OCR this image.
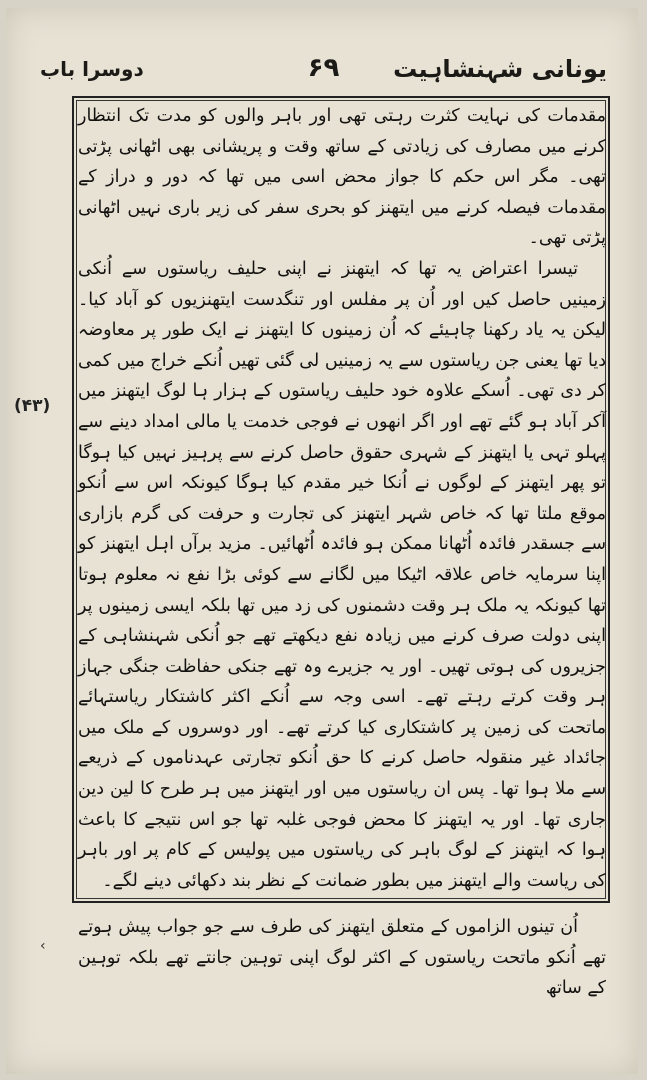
یونانی شہنشاہیت
۶۹
دوسرا باب

مقدمات کی نہایت کثرت رہتی تھی اور باہر والوں کو مدت تک انتظار کرنے میں مصارف کی زیادتی کے ساتھ وقت و پریشانی بھی اٹھانی پڑتی تھی۔ مگر اس حکم کا جواز محض اسی میں تھا کہ دور و دراز کے مقدمات فیصلہ کرنے میں ایتھنز کو بحری سفر کی زیر باری نہیں اٹھانی پڑتی تھی۔

تیسرا اعتراض یہ تھا کہ ایتھنز نے اپنی حلیف ریاستوں سے اُنکی زمینیں حاصل کیں اور اُن پر مفلس اور تنگدست ایتھنزیوں کو آباد کیا۔ لیکن یہ یاد رکھنا چاہیئے کہ اُن زمینوں کا ایتھنز نے ایک طور پر معاوضہ دیا تھا یعنی جن ریاستوں سے یہ زمینیں لی گئی تھیں اُنکے خراج میں کمی کر دی تھی۔ اُسکے علاوہ خود حلیف ریاستوں کے ہزار ہا لوگ ایتھنز میں آکر آباد ہو گئے تھے اور اگر انھوں نے فوجی خدمت یا مالی امداد دینے سے پہلو تہی یا ایتھنز کے شہری حقوق حاصل کرنے سے پرہیز نہیں کیا ہوگا تو پھر ایتھنز کے لوگوں نے اُنکا خیر مقدم کیا ہوگا کیونکہ اس سے اُنکو موقع ملتا تھا کہ خاص شہر ایتھنز کی تجارت و حرفت کی گرم بازاری سے جسقدر فائدہ اُٹھانا ممکن ہو فائدہ اُٹھائیں۔ مزید برآں اہل ایتھنز کو اپنا سرمایہ خاص علاقہ اٹیکا میں لگانے سے کوئی بڑا نفع نہ معلوم ہوتا تھا کیونکہ یہ ملک ہر وقت دشمنوں کی زد میں تھا بلکہ ایسی زمینوں پر اپنی دولت صرف کرنے میں زیادہ نفع دیکھتے تھے جو اُنکی شہنشاہی کے جزیروں کی ہوتی تھیں۔ اور یہ جزیرے وہ تھے جنکی حفاظت جنگی جہاز ہر وقت کرتے رہتے تھے۔ اسی وجہ سے اُنکے اکثر کاشتکار ریاستہائے ماتحت کی زمین پر کاشتکاری کیا کرتے تھے۔ اور دوسروں کے ملک میں جائداد غیر منقولہ حاصل کرنے کا حق اُنکو تجارتی عہدناموں کے ذریعے سے ملا ہوا تھا۔ پس ان ریاستوں میں اور ایتھنز میں ہر طرح کا لین دین جاری تھا۔ اور یہ ایتھنز کا محض فوجی غلبہ تھا جو اس نتیجے کا باعث ہوا کہ ایتھنز کے لوگ باہر کی ریاستوں میں پولیس کے کام پر اور باہر کی ریاست والے ایتھنز میں بطور ضمانت کے نظر بند دکھائی دینے لگے۔

(۴۳)

اُن تینوں الزاموں کے متعلق ایتھنز کی طرف سے جو جواب پیش ہوتے تھے اُنکو ماتحت ریاستوں کے اکثر لوگ اپنی توہین جانتے تھے بلکہ توہین کے ساتھ

‹
